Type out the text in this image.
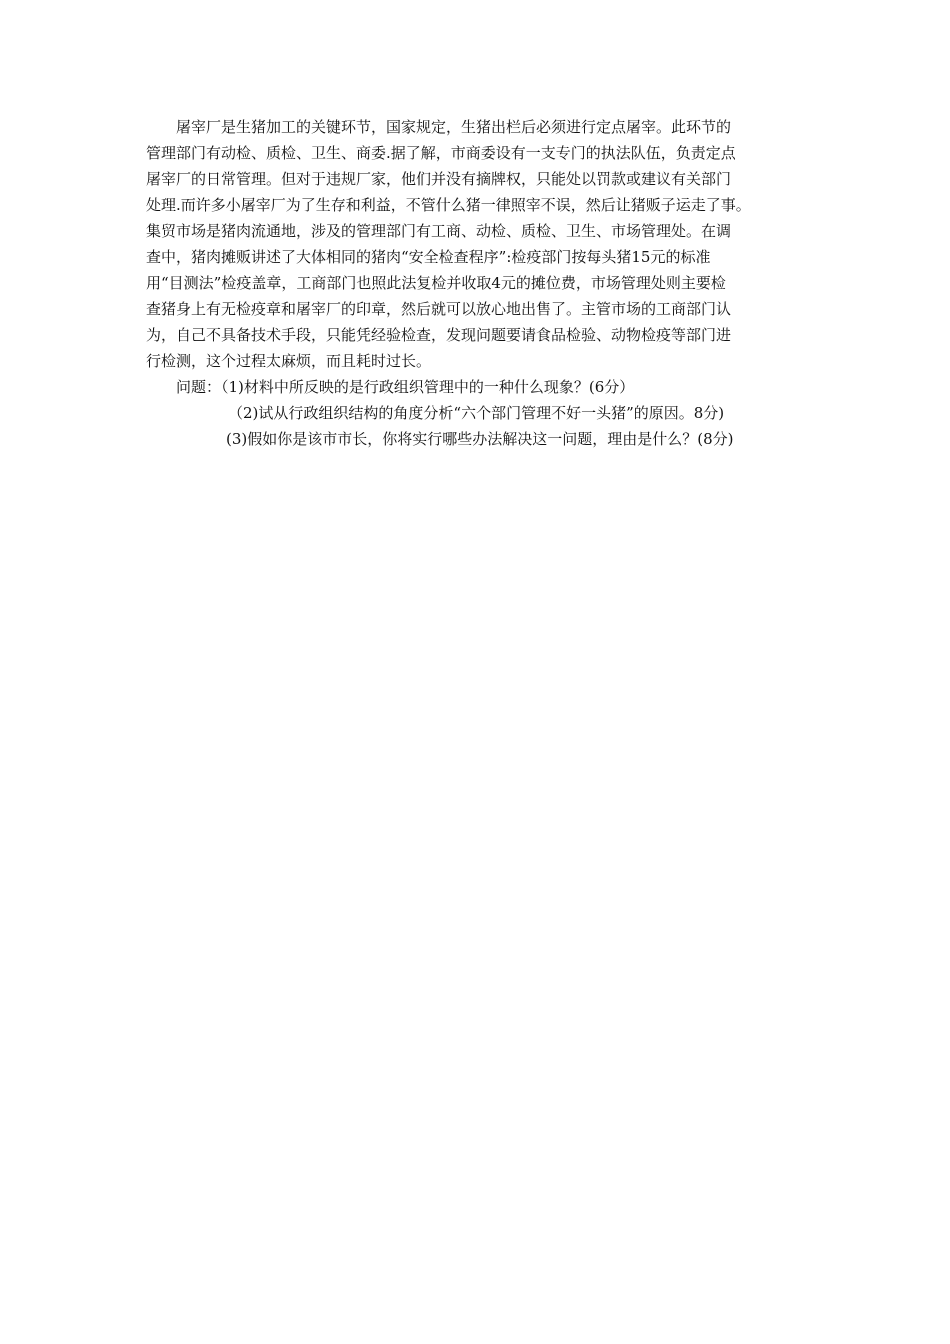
屠宰厂是生猪加工的关键环节，国家规定，生猪出栏后必须进行定点屠宰。此环节的
管理部门有动检、质检、卫生、商委.据了解，市商委设有一支专门的执法队伍，负责定点
屠宰厂的日常管理。但对于违规厂家，他们并没有摘牌权，只能处以罚款或建议有关部门
处理.而许多小屠宰厂为了生存和利益，不管什么猪一律照宰不误，然后让猪贩子运走了事。
集贸市场是猪肉流通地，涉及的管理部门有工商、动检、质检、卫生、市场管理处。在调
查中，猪肉摊贩讲述了大体相同的猪肉“安全检查程序”:检疫部门按每头猪15元的标准
用“目测法”检疫盖章，工商部门也照此法复检并收取4元的摊位费，市场管理处则主要检
查猪身上有无检疫章和屠宰厂的印章，然后就可以放心地出售了。主管市场的工商部门认
为，自己不具备技术手段，只能凭经验检查，发现问题要请食品检验、动物检疫等部门进
行检测，这个过程太麻烦，而且耗时过长。
问题：（1)材料中所反映的是行政组织管理中的一种什么现象？(6分）
（2)试从行政组织结构的角度分析“六个部门管理不好一头猪”的原因。8分)
(3)假如你是该市市长，你将实行哪些办法解决这一问题，理由是什么？(8分)
